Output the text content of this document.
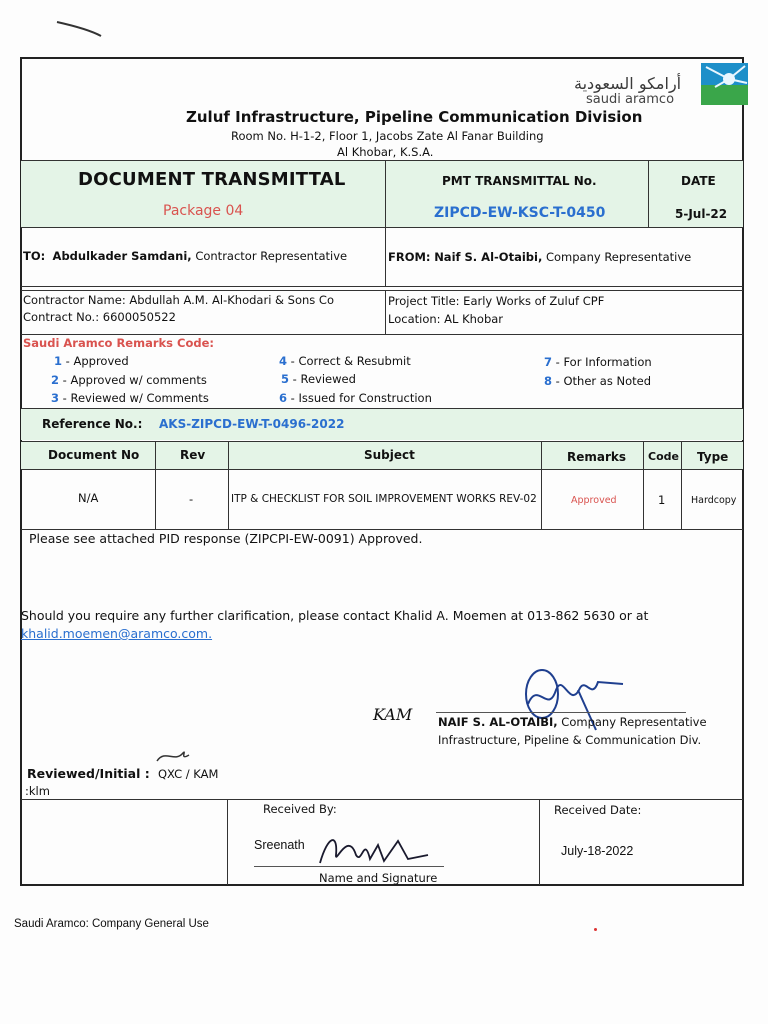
أرامكو السعودية
saudi aramco
Zuluf Infrastructure, Pipeline Communication Division
Room No. H-1-2, Floor 1, Jacobs Zate Al Fanar Building
Al Khobar, K.S.A.
DOCUMENT TRANSMITTAL
Package 04
PMT TRANSMITTAL No.
ZIPCD-EW-KSC-T-0450
DATE
5-Jul-22
TO: Abdulkader Samdani, Contractor Representative	FROM: Naif S. Al-Otaibi, Company Representative
Contractor Name: Abdullah A.M. Al-Khodari & Sons Co
Contract No.: 6600050522
Project Title: Early Works of Zuluf CPF
Location: AL Khobar
Saudi Aramco Remarks Code:
1 - Approved
2 - Approved w/ comments
3 - Reviewed w/ Comments
4 - Correct & Resubmit
5 - Reviewed
6 - Issued for Construction
7 - For Information
8 - Other as Noted
Reference No.: AKS-ZIPCD-EW-T-0496-2022
Document No	Rev	Subject	Remarks Code Type
N/A	-	ITP & CHECKLIST FOR SOIL IMPROVEMENT WORKS REV-02	Approved	1	Hardcopy
Please see attached PID response (ZIPCPI-EW-0091) Approved.
Should you require any further clarification, please contact Khalid A. Moemen at 013-862 5630 or at
khalid.moemen@aramco.com.
KAM NAIF S. AL-OTAIBI, Company Representative
Infrastructure, Pipeline & Communication Div.
Reviewed/Initial : QXC / KAM
:klm
Received By:
Sreenath
Name and Signature
Received Date:
July-18-2022
Saudi Aramco: Company General Use
